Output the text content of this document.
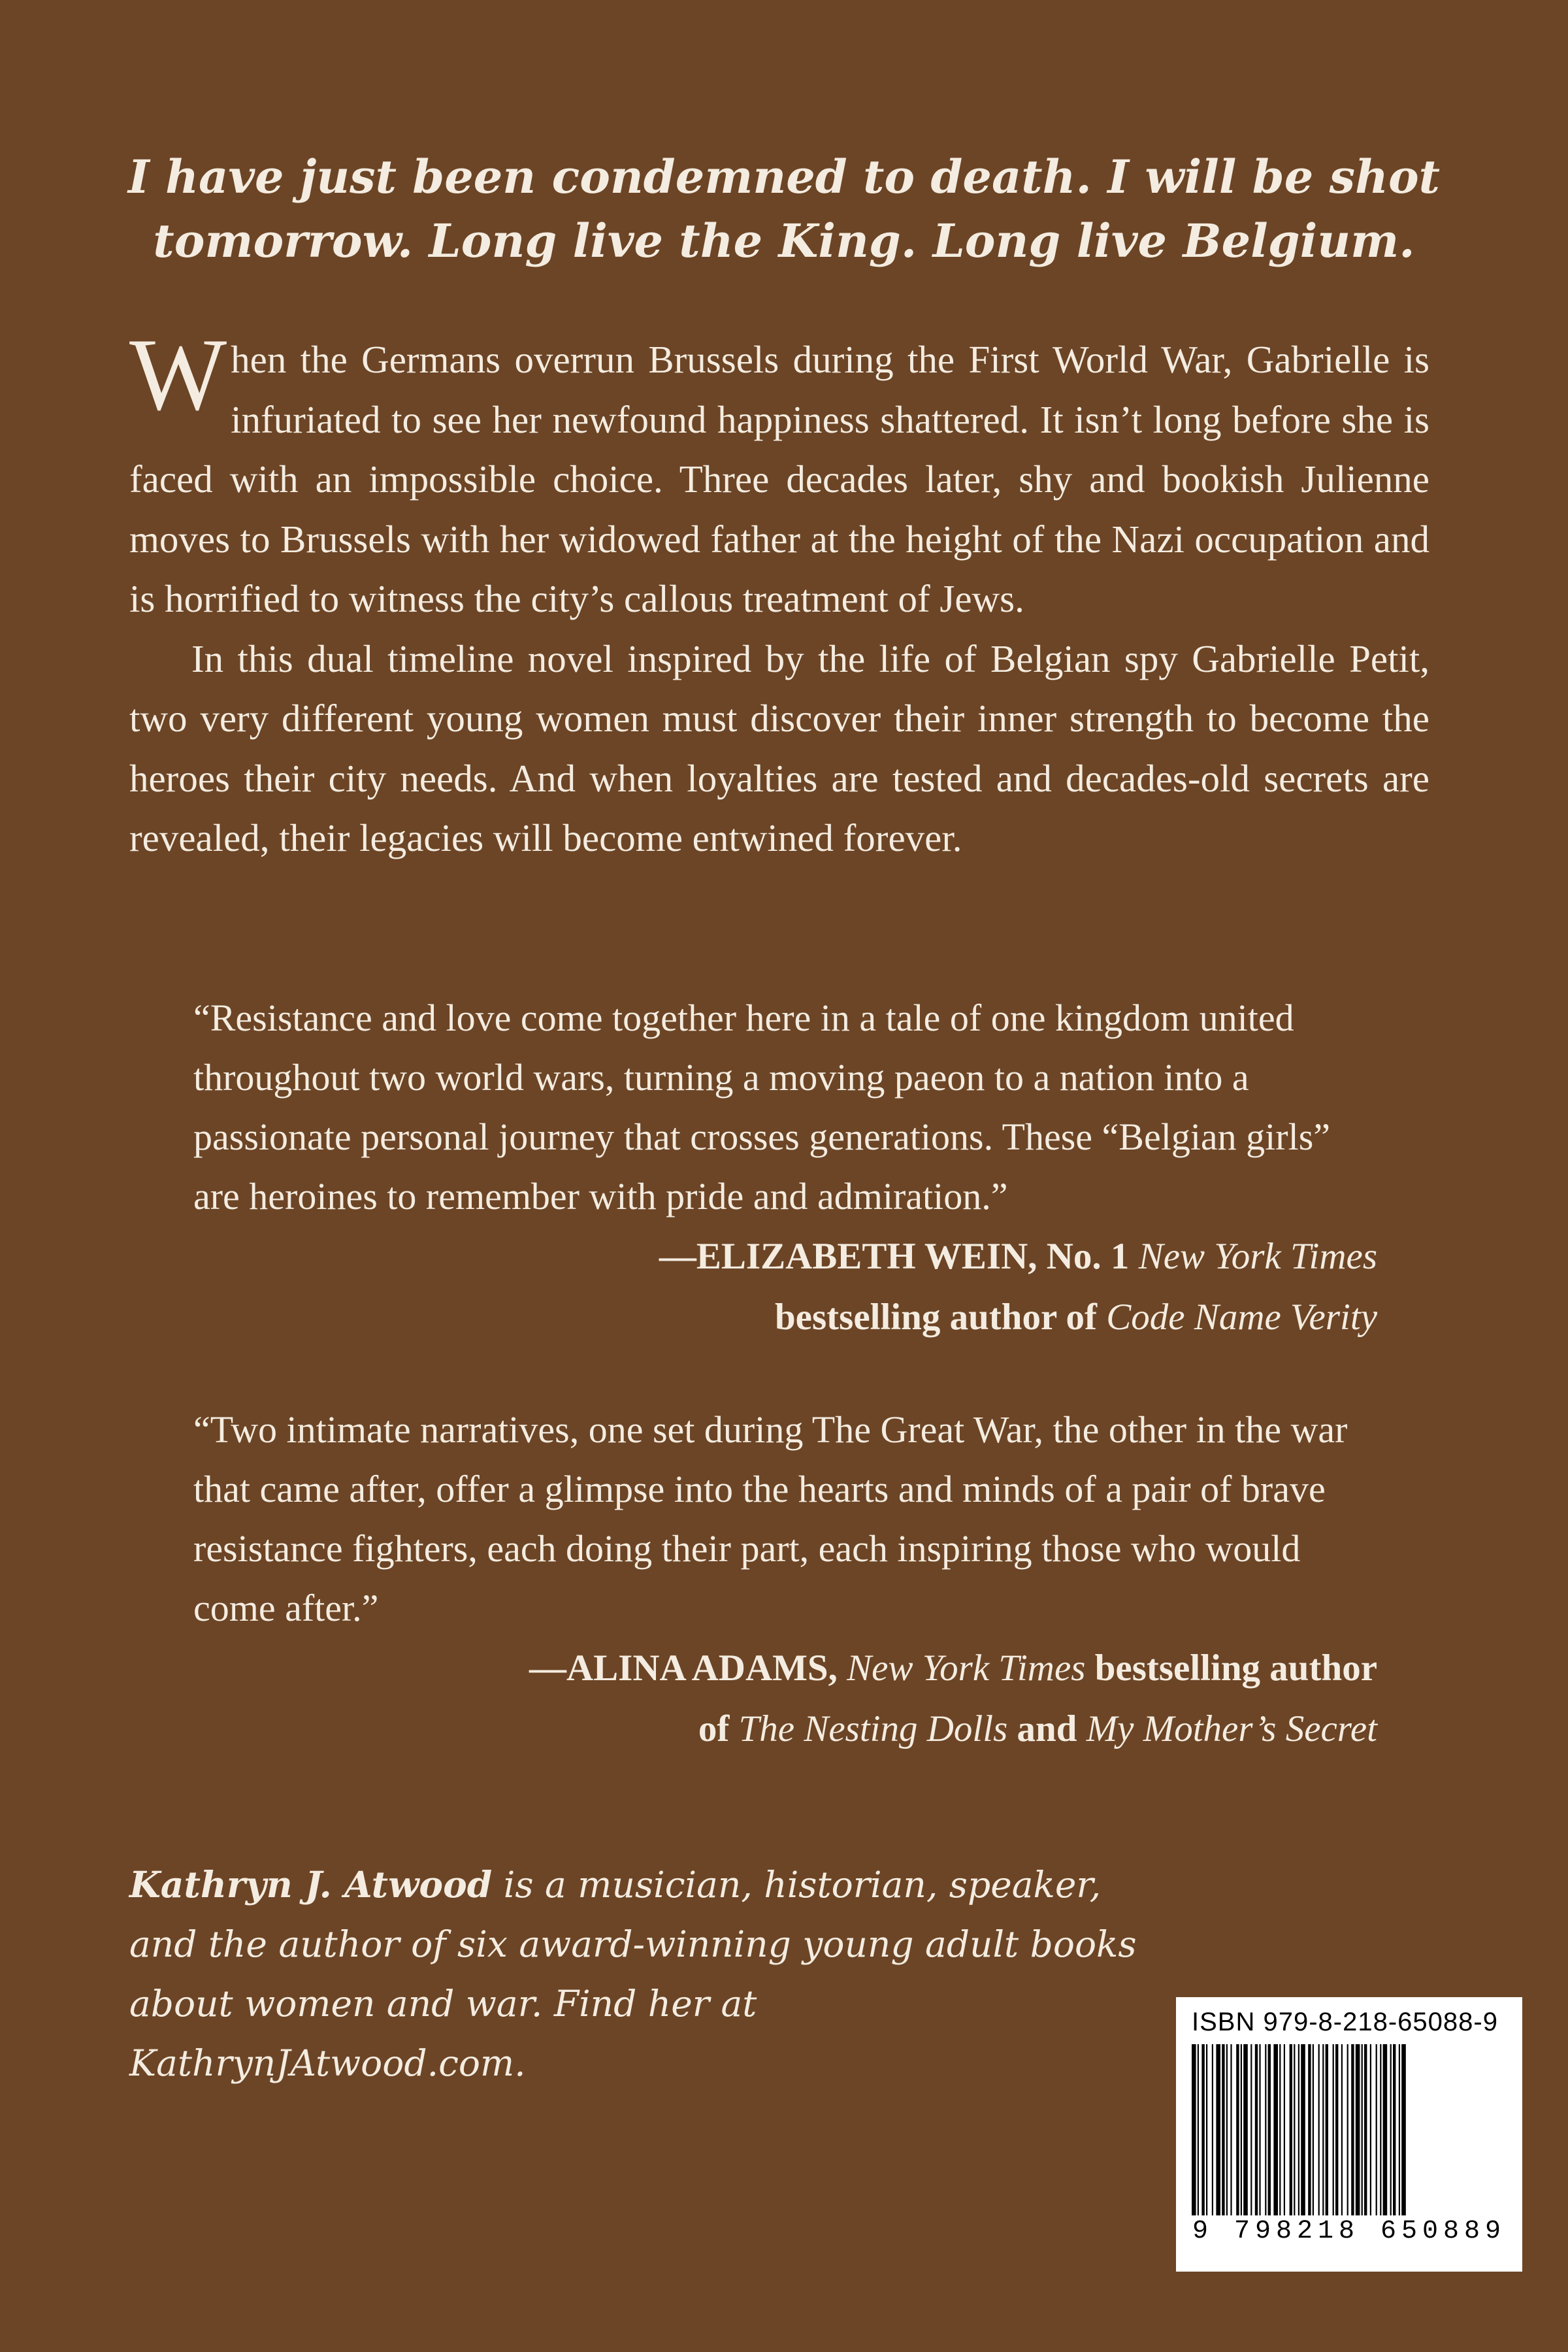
I have just been condemned to death. I will be shot
tomorrow. Long live the King. Long live Belgium.

When the Germans overrun Brussels during the First World War, Gabrielle is infuriated to see her newfound happiness shattered. It isn’t long before she is faced with an impossible choice. Three decades later, shy and bookish Julienne moves to Brussels with her widowed father at the height of the Nazi occupation and is horrified to witness the city’s callous treatment of Jews.

In this dual timeline novel inspired by the life of Belgian spy Gabrielle Petit, two very different young women must discover their inner strength to become the heroes their city needs. And when loyalties are tested and decades-old secrets are revealed, their legacies will become entwined forever.

“Resistance and love come together here in a tale of one kingdom united throughout two world wars, turning a moving paeon to a nation into a passionate personal journey that crosses generations. These “Belgian girls” are heroines to remember with pride and admiration.”

—ELIZABETH WEIN, No. 1 New York Times
bestselling author of Code Name Verity

“Two intimate narratives, one set during The Great War, the other in the war that came after, offer a glimpse into the hearts and minds of a pair of brave resistance fighters, each doing their part, each inspiring those who would come after.”

—ALINA ADAMS, New York Times bestselling author
of The Nesting Dolls and My Mother’s Secret

Kathryn J. Atwood is a musician, historian, speaker, and the author of six award-winning young adult books about women and war. Find her at KathrynJAtwood.com.

ISBN 979-8-218-65088-9
9 798218 650889
